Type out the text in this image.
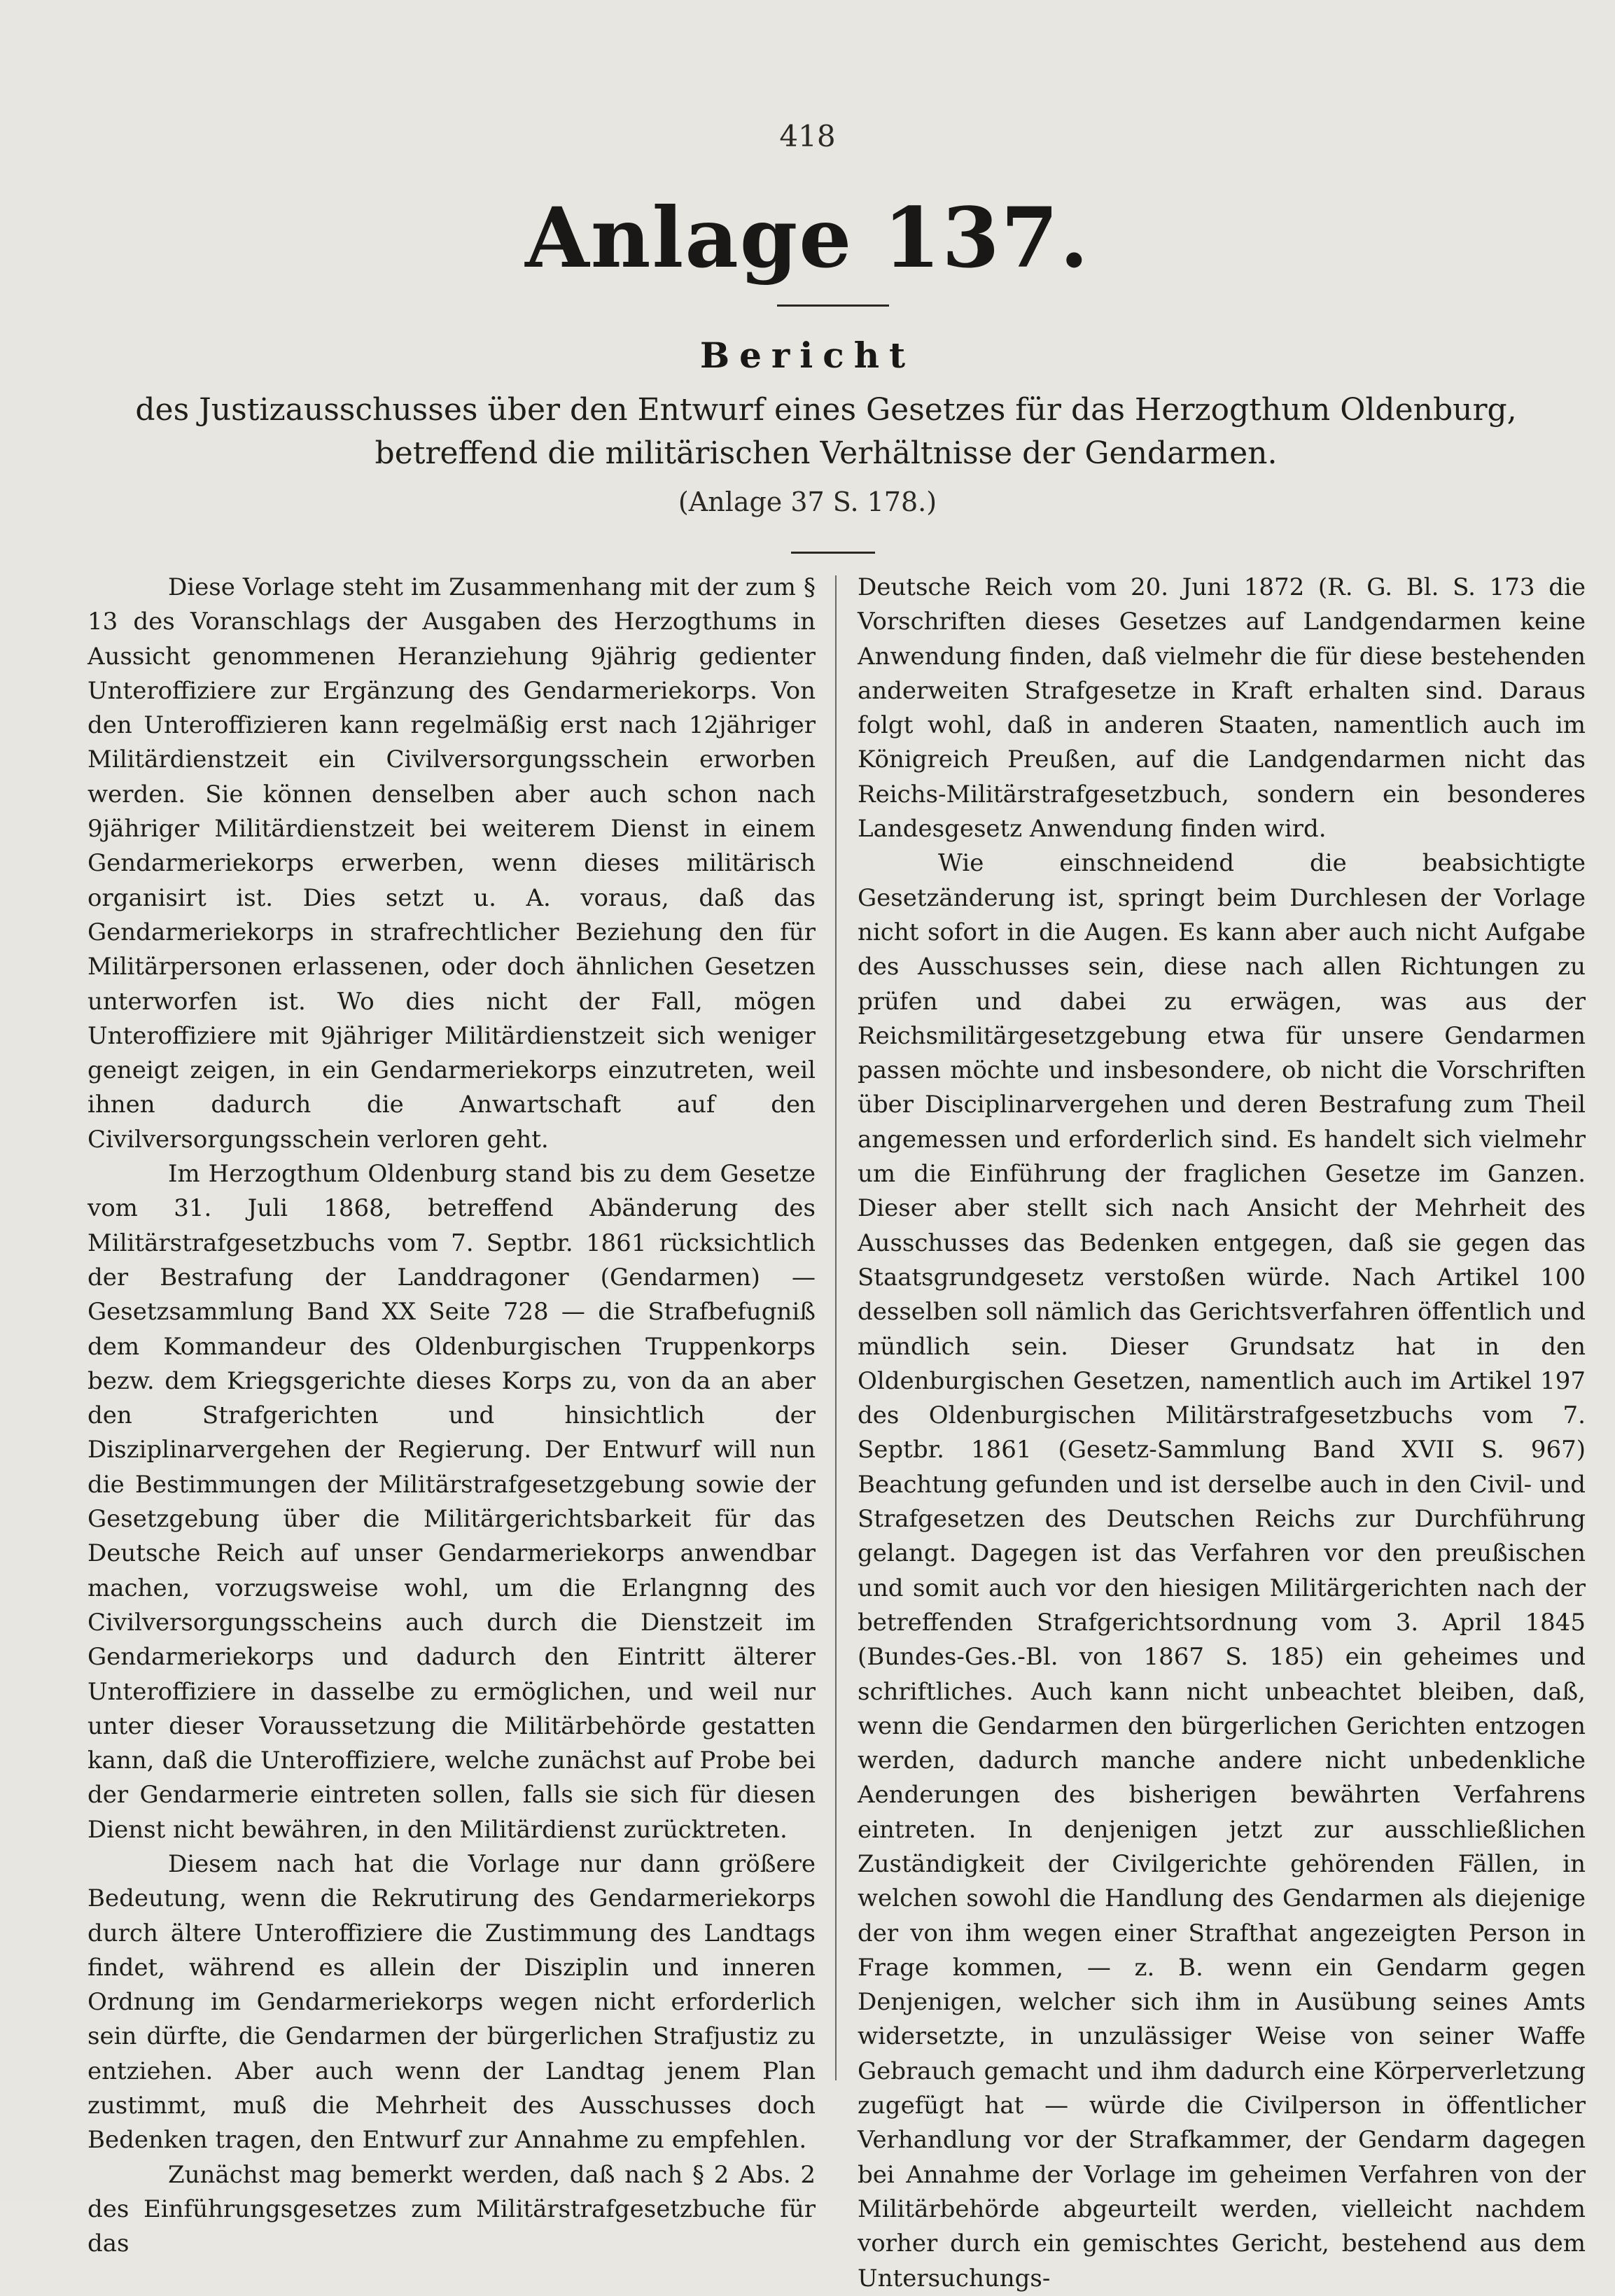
418
Anlage 137.
Bericht
des Justizausschusses über den Entwurf eines Gesetzes für das Herzogthum Oldenburg, betreffend die militärischen Verhältnisse der Gendarmen.
(Anlage 37 S. 178.)

Diese Vorlage steht im Zusammenhang mit der zum § 13 des Voranschlags der Ausgaben des Herzogthums in Aussicht genommenen Heranziehung 9jährig gedienter Unteroffiziere zur Ergänzung des Gendarmeriekorps. Von den Unteroffizieren kann regelmäßig erst nach 12jähriger Militärdienstzeit ein Civilversorgungsschein erworben werden. Sie können denselben aber auch schon nach 9jähriger Militärdienstzeit bei weiterem Dienst in einem Gendarmeriekorps erwerben, wenn dieses militärisch organisirt ist. Dies setzt u. A. voraus, daß das Gendarmeriekorps in strafrechtlicher Beziehung den für Militärpersonen erlassenen, oder doch ähnlichen Gesetzen unterworfen ist. Wo dies nicht der Fall, mögen Unteroffiziere mit 9jähriger Militärdienstzeit sich weniger geneigt zeigen, in ein Gendarmeriekorps einzutreten, weil ihnen dadurch die Anwartschaft auf den Civilversorgungsschein verloren geht.

Im Herzogthum Oldenburg stand bis zu dem Gesetze vom 31. Juli 1868, betreffend Abänderung des Militärstrafgesetzbuchs vom 7. Septbr. 1861 rücksichtlich der Bestrafung der Landdragoner (Gendarmen) — Gesetzsammlung Band XX Seite 728 — die Strafbefugniß dem Kommandeur des Oldenburgischen Truppenkorps bezw. dem Kriegsgerichte dieses Korps zu, von da an aber den Strafgerichten und hinsichtlich der Disziplinarvergehen der Regierung. Der Entwurf will nun die Bestimmungen der Militärstrafgesetzgebung sowie der Gesetzgebung über die Militärgerichtsbarkeit für das Deutsche Reich auf unser Gendarmeriekorps anwendbar machen, vorzugsweise wohl, um die Erlangnng des Civilversorgungsscheins auch durch die Dienstzeit im Gendarmeriekorps und dadurch den Eintritt älterer Unteroffiziere in dasselbe zu ermöglichen, und weil nur unter dieser Voraussetzung die Militärbehörde gestatten kann, daß die Unteroffiziere, welche zunächst auf Probe bei der Gendarmerie eintreten sollen, falls sie sich für diesen Dienst nicht bewähren, in den Militärdienst zurücktreten.

Diesem nach hat die Vorlage nur dann größere Bedeutung, wenn die Rekrutirung des Gendarmeriekorps durch ältere Unteroffiziere die Zustimmung des Landtags findet, während es allein der Disziplin und inneren Ordnung im Gendarmeriekorps wegen nicht erforderlich sein dürfte, die Gendarmen der bürgerlichen Strafjustiz zu entziehen. Aber auch wenn der Landtag jenem Plan zustimmt, muß die Mehrheit des Ausschusses doch Bedenken tragen, den Entwurf zur Annahme zu empfehlen.

Zunächst mag bemerkt werden, daß nach § 2 Abs. 2 des Einführungsgesetzes zum Militärstrafgesetzbuche für das

Deutsche Reich vom 20. Juni 1872 (R. G. Bl. S. 173 die Vorschriften dieses Gesetzes auf Landgendarmen keine Anwendung finden, daß vielmehr die für diese bestehenden anderweiten Strafgesetze in Kraft erhalten sind. Daraus folgt wohl, daß in anderen Staaten, namentlich auch im Königreich Preußen, auf die Landgendarmen nicht das Reichs-Militärstrafgesetzbuch, sondern ein besonderes Landesgesetz Anwendung finden wird.

Wie einschneidend die beabsichtigte Gesetzänderung ist, springt beim Durchlesen der Vorlage nicht sofort in die Augen. Es kann aber auch nicht Aufgabe des Ausschusses sein, diese nach allen Richtungen zu prüfen und dabei zu erwägen, was aus der Reichsmilitärgesetzgebung etwa für unsere Gendarmen passen möchte und insbesondere, ob nicht die Vorschriften über Disciplinarvergehen und deren Bestrafung zum Theil angemessen und erforderlich sind. Es handelt sich vielmehr um die Einführung der fraglichen Gesetze im Ganzen. Dieser aber stellt sich nach Ansicht der Mehrheit des Ausschusses das Bedenken entgegen, daß sie gegen das Staatsgrundgesetz verstoßen würde. Nach Artikel 100 desselben soll nämlich das Gerichtsverfahren öffentlich und mündlich sein. Dieser Grundsatz hat in den Oldenburgischen Gesetzen, namentlich auch im Artikel 197 des Oldenburgischen Militärstrafgesetzbuchs vom 7. Septbr. 1861 (Gesetz-Sammlung Band XVII S. 967) Beachtung gefunden und ist derselbe auch in den Civil- und Strafgesetzen des Deutschen Reichs zur Durchführung gelangt. Dagegen ist das Verfahren vor den preußischen und somit auch vor den hiesigen Militärgerichten nach der betreffenden Strafgerichtsordnung vom 3. April 1845 (Bundes-Ges.-Bl. von 1867 S. 185) ein geheimes und schriftliches. Auch kann nicht unbeachtet bleiben, daß, wenn die Gendarmen den bürgerlichen Gerichten entzogen werden, dadurch manche andere nicht unbedenkliche Aenderungen des bisherigen bewährten Verfahrens eintreten. In denjenigen jetzt zur ausschließlichen Zuständigkeit der Civilgerichte gehörenden Fällen, in welchen sowohl die Handlung des Gendarmen als diejenige der von ihm wegen einer Strafthat angezeigten Person in Frage kommen, — z. B. wenn ein Gendarm gegen Denjenigen, welcher sich ihm in Ausübung seines Amts widersetzte, in unzulässiger Weise von seiner Waffe Gebrauch gemacht und ihm dadurch eine Körperverletzung zugefügt hat — würde die Civilperson in öffentlicher Verhandlung vor der Strafkammer, der Gendarm dagegen bei Annahme der Vorlage im geheimen Verfahren von der Militärbehörde abgeurteilt werden, vielleicht nachdem vorher durch ein gemischtes Gericht, bestehend aus dem Untersuchungs-
